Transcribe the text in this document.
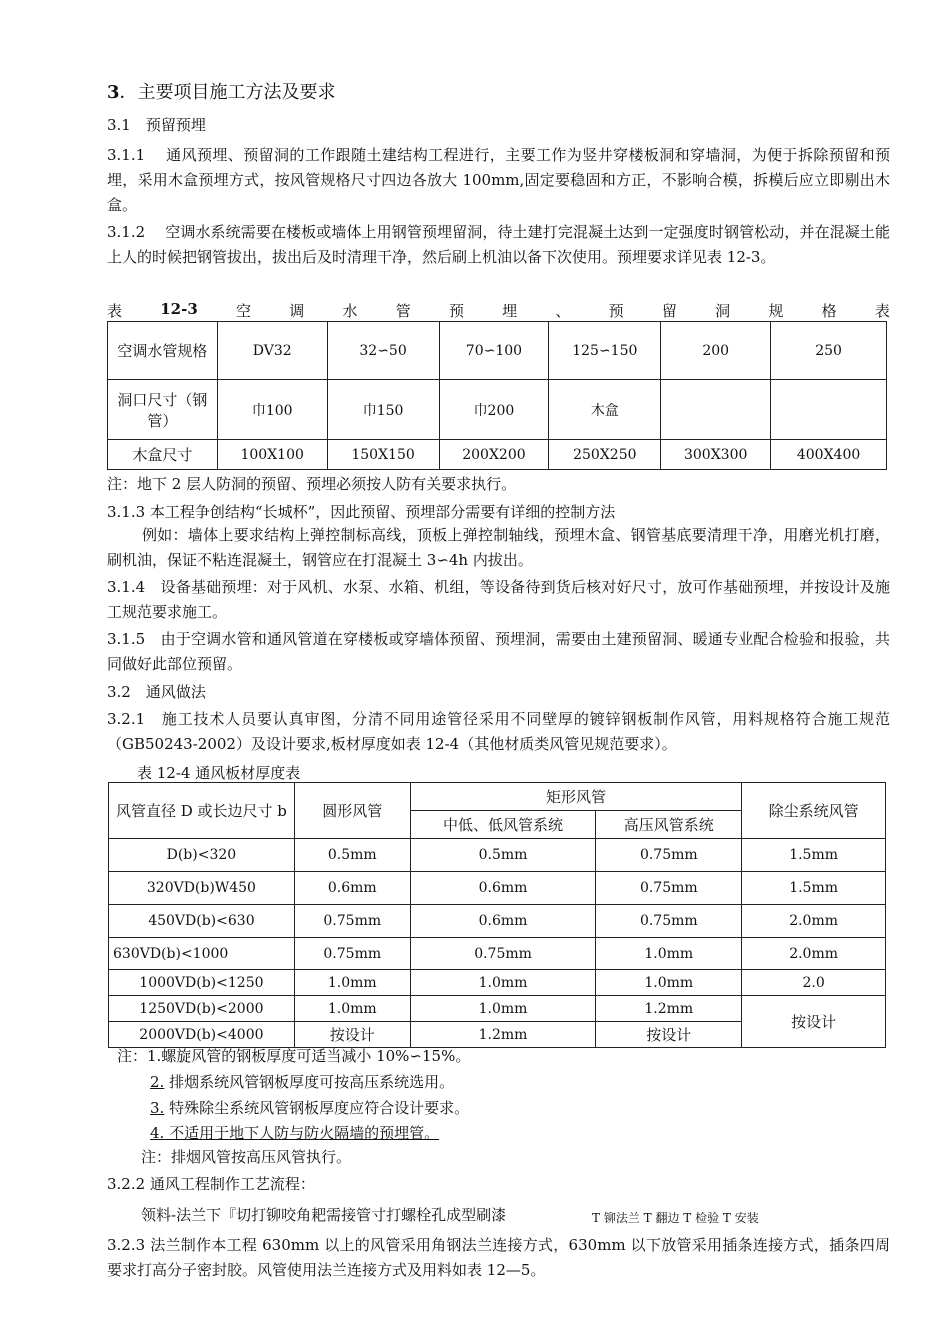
3．主要项目施工方法及要求
3.1　预留预埋
3.1.1　 通风预埋、预留洞的工作跟随土建结构工程进行，主要工作为竖井穿楼板洞和穿墙洞，为便于拆除预留和预埋，采用木盒预埋方式，按风管规格尺寸四边各放大 100mm,固定要稳固和方正，不影响合模，拆模后应立即剔出木盒。
3.1.2　 空调水系统需要在楼板或墙体上用钢管预埋留洞，待土建打完混凝土达到一定强度时钢管松动，并在混凝土能上人的时候把钢管拔出，拔出后及时清理干净，然后刷上机油以备下次使用。预埋要求详见表 12-3。
表	12-3	空	调	水	管	预	埋	、	预	留	洞	规	格	表
空调水管规格	DV32	32∽50	70∽100	125∽150	200	250
洞口尺寸（钢管）	巾100	巾150	巾200	木盒		
木盒尺寸	100X100	150X150	200X200	250X250	300X300	400X400
注：地下 2 层人防洞的预留、预埋必须按人防有关要求执行。
3.1.3 本工程争创结构“长城杯”，因此预留、预埋部分需要有详细的控制方法
例如：墙体上要求结构上弹控制标高线，顶板上弹控制轴线，预埋木盒、钢管基底要清理干净，用磨光机打磨，刷机油，保证不粘连混凝土，钢管应在打混凝土 3∽4h 内拔出。
3.1.4　设备基础预埋：对于风机、水泵、水箱、机组，等设备待到货后核对好尺寸，放可作基础预埋，并按设计及施工规范要求施工。
3.1.5　由于空调水管和通风管道在穿楼板或穿墙体预留、预埋洞，需要由土建预留洞、暖通专业配合检验和报验，共同做好此部位预留。
3.2　通风做法
3.2.1　施工技术人员要认真审图，分清不同用途管径采用不同壁厚的镀锌钢板制作风管，用料规格符合施工规范（GB50243-2002）及设计要求,板材厚度如表 12-4（其他材质类风管见规范要求）。
表 12-4 通风板材厚度表
风管直径 D 或长边尺寸 b	圆形风管	矩形风管		除尘系统风管
		中低、低风管系统	高压风管系统	
D(b)<320	0.5mm	0.5mm	0.75mm	1.5mm
320VD(b)W450	0.6mm	0.6mm	0.75mm	1.5mm
450VD(b)<630	0.75mm	0.6mm	0.75mm	2.0mm
630VD(b)<1000	0.75mm	0.75mm	1.0mm	2.0mm
1000VD(b)<1250	1.0mm	1.0mm	1.0mm	2.0
1250VD(b)<2000	1.0mm	1.0mm	1.2mm	按设计
2000VD(b)<4000	按设计	1.2mm	按设计	
注：1.螺旋风管的钢板厚度可适当减小 10%∽15%。
2. 排烟系统风管钢板厚度可按高压系统选用。
3. 特殊除尘系统风管钢板厚度应符合设计要求。
4. 不适用于地下人防与防火隔墙的预埋管。
注：排烟风管按高压风管执行。
3.2.2 通风工程制作工艺流程：
领料-法兰下『切打铆咬角耙需接管寸打螺栓孔成型刷漆	T 铆法兰 T 翻边 T 检验 T 安装
3.2.3 法兰制作本工程 630mm 以上的风管采用角钢法兰连接方式，630mm 以下放管采用插条连接方式，插条四周要求打高分子密封胶。风管使用法兰连接方式及用料如表 12—5。
